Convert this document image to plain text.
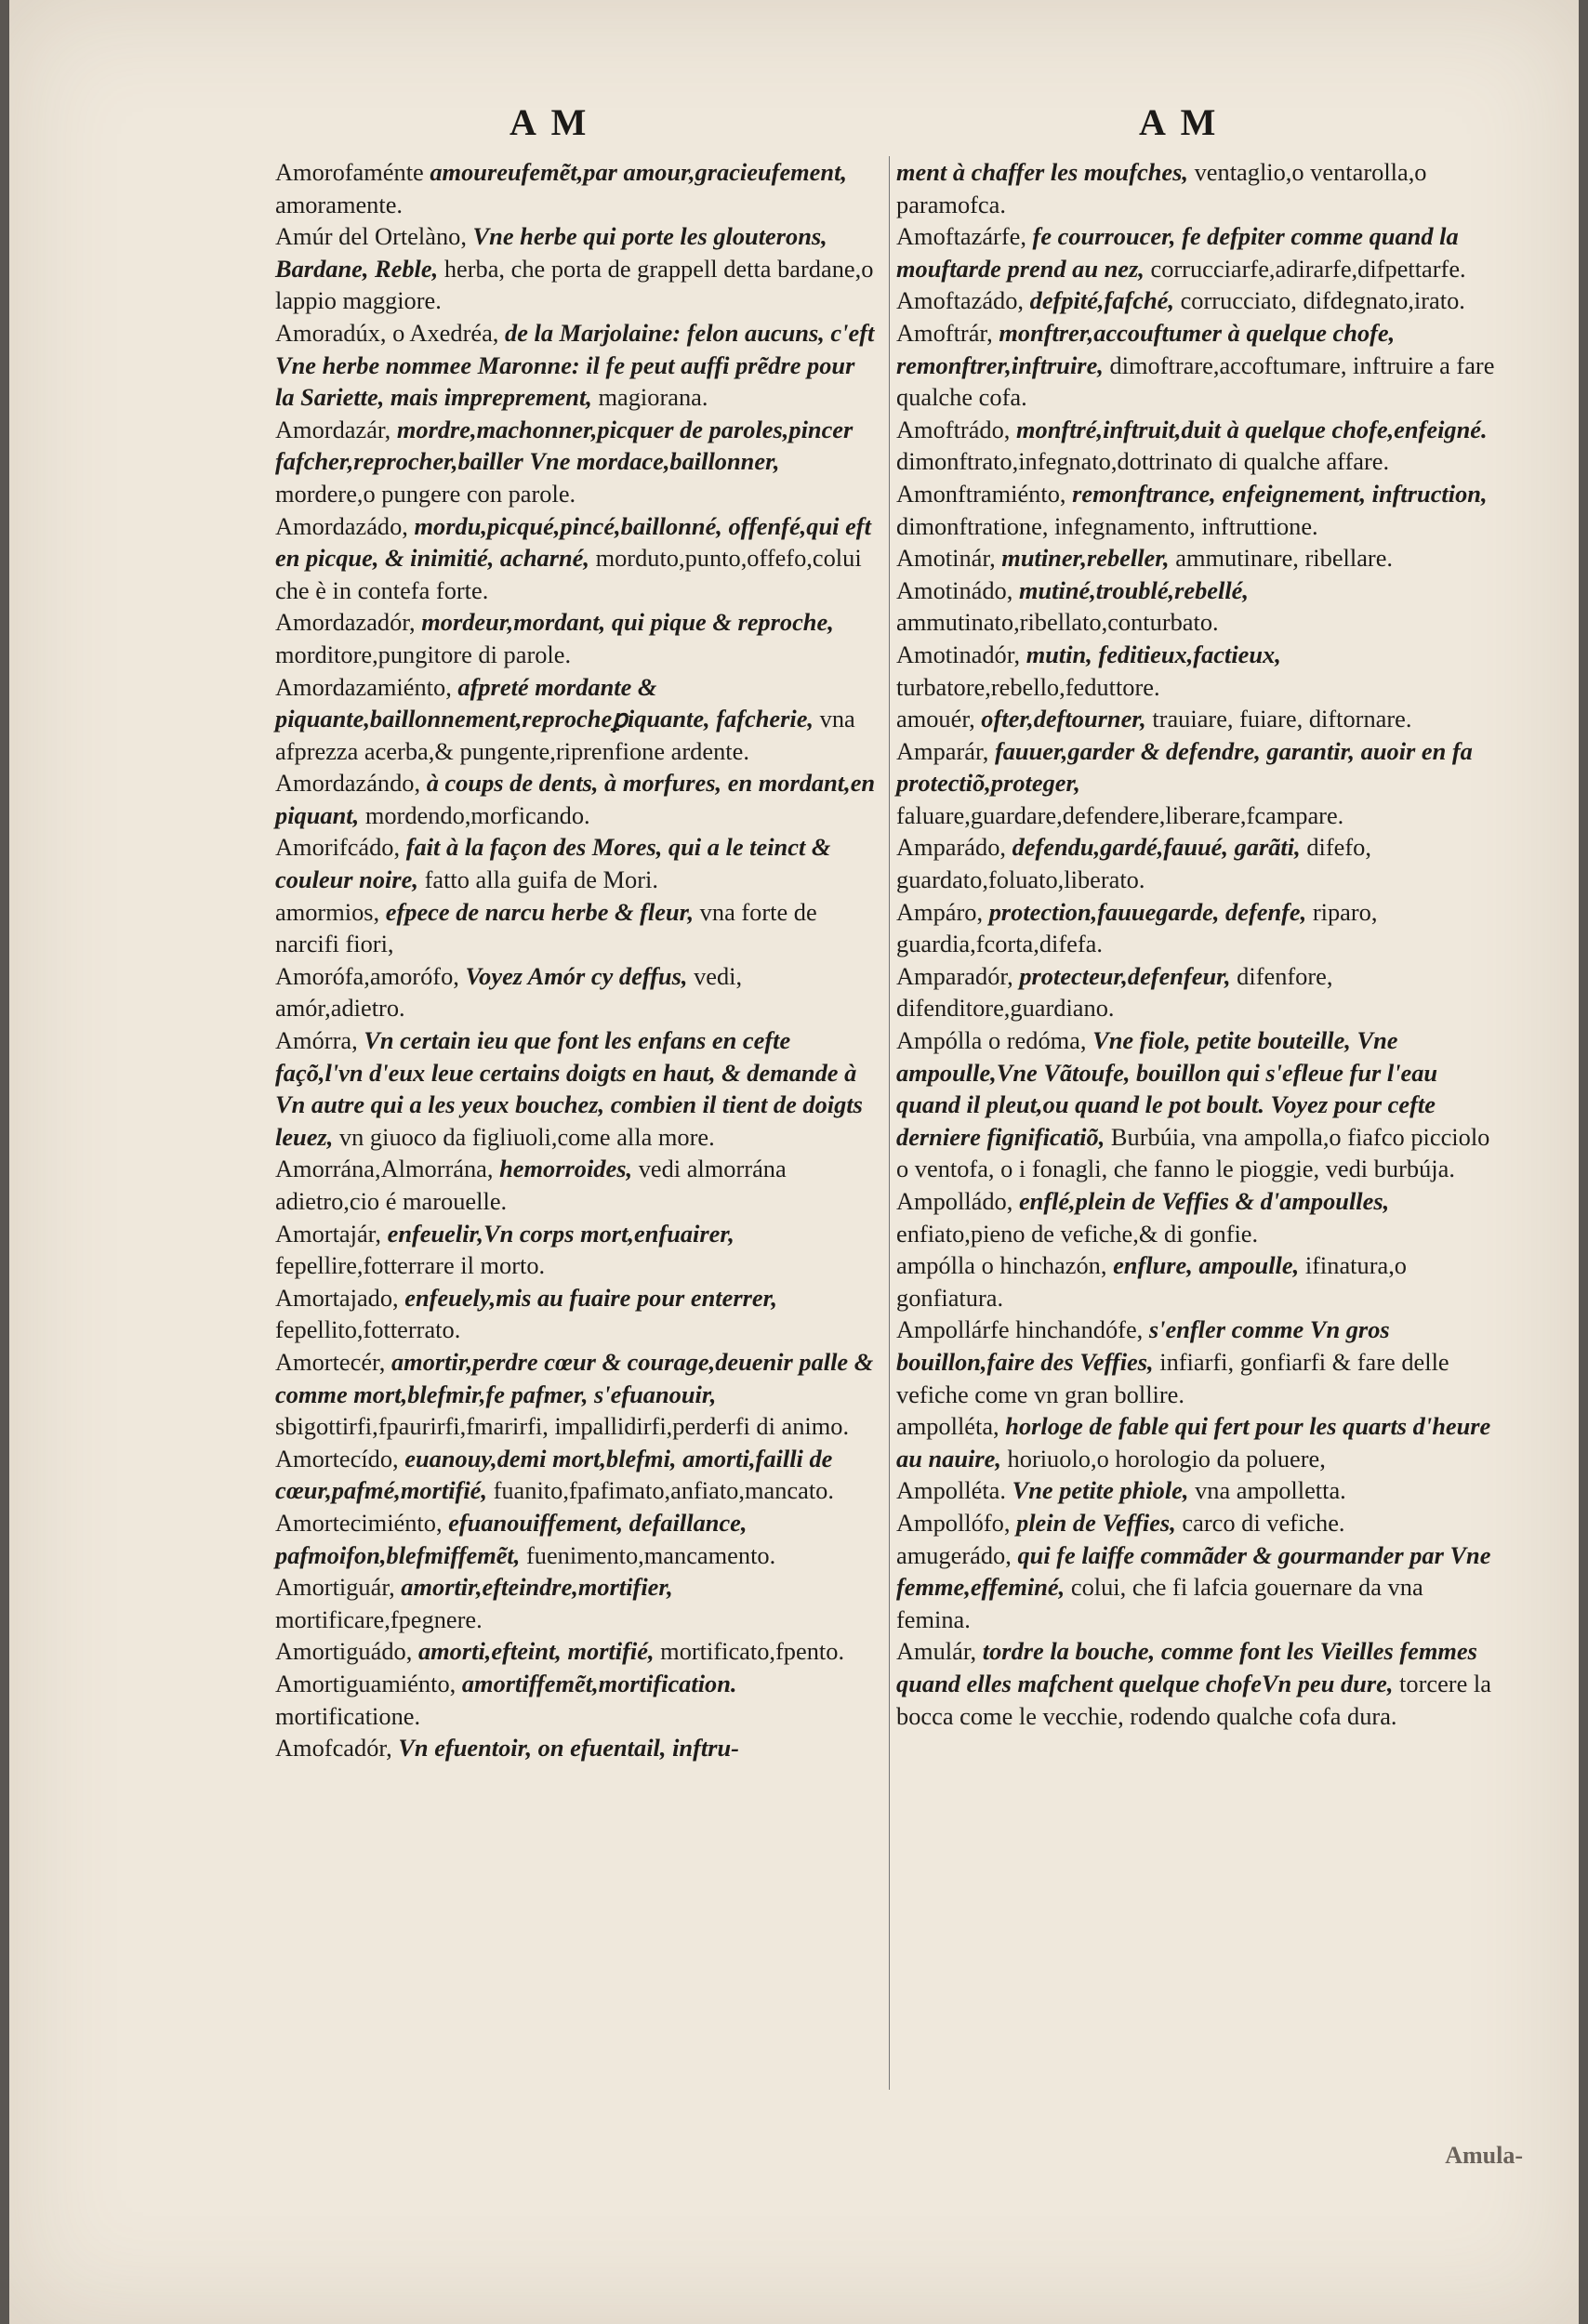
A M	A M

Amorofaménte amoureufemẽt,par amour,gracieufement, amoramente.

Amúr del Ortelàno, Vne herbe qui porte les glouterons, Bardane, Reble, herba, che porta de grappell detta bardane,o lappio maggiore.

Amoradúx, o Axedréa, de la Marjolaine: felon aucuns, c'eft Vne herbe nommee Maronne: il fe peut auffi prẽdre pour la Sariette, mais impreprement, magiorana.

Amordazár, mordre,machonner,picquer de paroles,pincer fafcher,reprocher,bailler Vne mordace,baillonner, mordere,o pungere con parole.

Amordazádo, mordu,picqué,pincé,baillonné, offenfé,qui eft en picque, & inimitié, acharné, morduto,punto,offefo,colui che è in contefa forte.

Amordazadór, mordeur,mordant, qui pique & reproche, morditore,pungitore di parole.

Amordazamiénto, afpreté mordante & piquante,baillonnement,reprocheꝑiquante, fafcherie, vna afprezza acerba,& pungente,riprenfione ardente.

Amordazándo, à coups de dents, à morfures, en mordant,en piquant, mordendo,morficando.

Amorifcádo, fait à la façon des Mores, qui a le teinct & couleur noire, fatto alla guifa de Mori.

amormios, efpece de narcu herbe & fleur, vna forte de narcifi fiori,

Amorófa,amorófo, Voyez Amór cy deffus, vedi, amór,adietro.

Amórra, Vn certain ieu que font les enfans en cefte façõ,l'vn d'eux leue certains doigts en haut, & demande à Vn autre qui a les yeux bouchez, combien il tient de doigts leuez, vn giuoco da figliuoli,come alla more.

Amorrána,Almorrána, hemorroides, vedi almorrána adietro,cio é marouelle.

Amortajár, enfeuelir,Vn corps mort,enfuairer, fepellire,fotterrare il morto.

Amortajado, enfeuely,mis au fuaire pour enterrer, fepellito,fotterrato.

Amortecér, amortir,perdre cœur & courage,deuenir palle & comme mort,blefmir,fe pafmer, s'efuanouir, sbigottirfi,fpaurirfi,fmarirfi, impallidirfi,perderfi di animo.

Amortecído, euanouy,demi mort,blefmi, amorti,failli de cœur,pafmé,mortifié, fuanito,fpafimato,anfiato,mancato.

Amortecimiénto, efuanouiffement, defaillance, pafmoifon,blefmiffemẽt, fuenimento,mancamento.

Amortiguár, amortir,efteindre,mortifier, mortificare,fpegnere.

Amortiguádo, amorti,efteint, mortifié, mortificato,fpento.

Amortiguamiénto, amortiffemẽt,mortification. mortificatione.

Amofcadór, Vn efuentoir, on efuentail, inftru-

ment à chaffer les moufches, ventaglio,o ventarolla,o paramofca.

Amoftazárfe, fe courroucer, fe defpiter comme quand la mouftarde prend au nez, corrucciarfe,adirarfe,difpettarfe.

Amoftazádo, defpité,fafché, corrucciato, difdegnato,irato.

Amoftrár, monftrer,accouftumer à quelque chofe, remonftrer,inftruire, dimoftrare,accoftumare, inftruire a fare qualche cofa.

Amoftrádo, monftré,inftruit,duit à quelque chofe,enfeigné. dimonftrato,infegnato,dottrinato di qualche affare.

Amonftramiénto, remonftrance, enfeignement, inftruction, dimonftratione, infegnamento, inftruttione.

Amotinár, mutiner,rebeller, ammutinare, ribellare.

Amotinádo, mutiné,troublé,rebellé, ammutinato,ribellato,conturbato.

Amotinadór, mutin, feditieux,factieux, turbatore,rebello,feduttore.

amouér, ofter,deftourner, trauiare, fuiare, diftornare.

Amparár, fauuer,garder & defendre, garantir, auoir en fa protectiõ,proteger, faluare,guardare,defendere,liberare,fcampare.

Amparádo, defendu,gardé,fauué, garãti, difefo, guardato,foluato,liberato.

Ampáro, protection,fauuegarde, defenfe, riparo, guardia,fcorta,difefa.

Amparadór, protecteur,defenfeur, difenfore, difenditore,guardiano.

Ampólla o redóma, Vne fiole, petite bouteille, Vne ampoulle,Vne Vãtoufe, bouillon qui s'efleue fur l'eau quand il pleut,ou quand le pot boult. Voyez pour cefte derniere fignificatiõ, Burbúia, vna ampolla,o fiafco picciolo o ventofa, o i fonagli, che fanno le pioggie, vedi burbúja.

Ampolládo, enflé,plein de Veffies & d'ampoulles, enfiato,pieno de vefiche,& di gonfie.

ampólla o hinchazón, enflure, ampoulle, ifinatura,o gonfiatura.

Ampollárfe hinchandófe, s'enfler comme Vn gros bouillon,faire des Veffies, infiarfi, gonfiarfi & fare delle vefiche come vn gran bollire.

ampolléta, horloge de fable qui fert pour les quarts d'heure au nauire, horiuolo,o horologio da poluere,

Ampolléta. Vne petite phiole, vna ampolletta.

Ampollófo, plein de Veffies, carco di vefiche.

amugerádo, qui fe laiffe commãder & gourmander par Vne femme,effeminé, colui, che fi lafcia gouernare da vna femina.

Amulár, tordre la bouche, comme font les Vieilles femmes quand elles mafchent quelque chofeVn peu dure, torcere la bocca come le vecchie, rodendo qualche cofa dura.

Amula-
